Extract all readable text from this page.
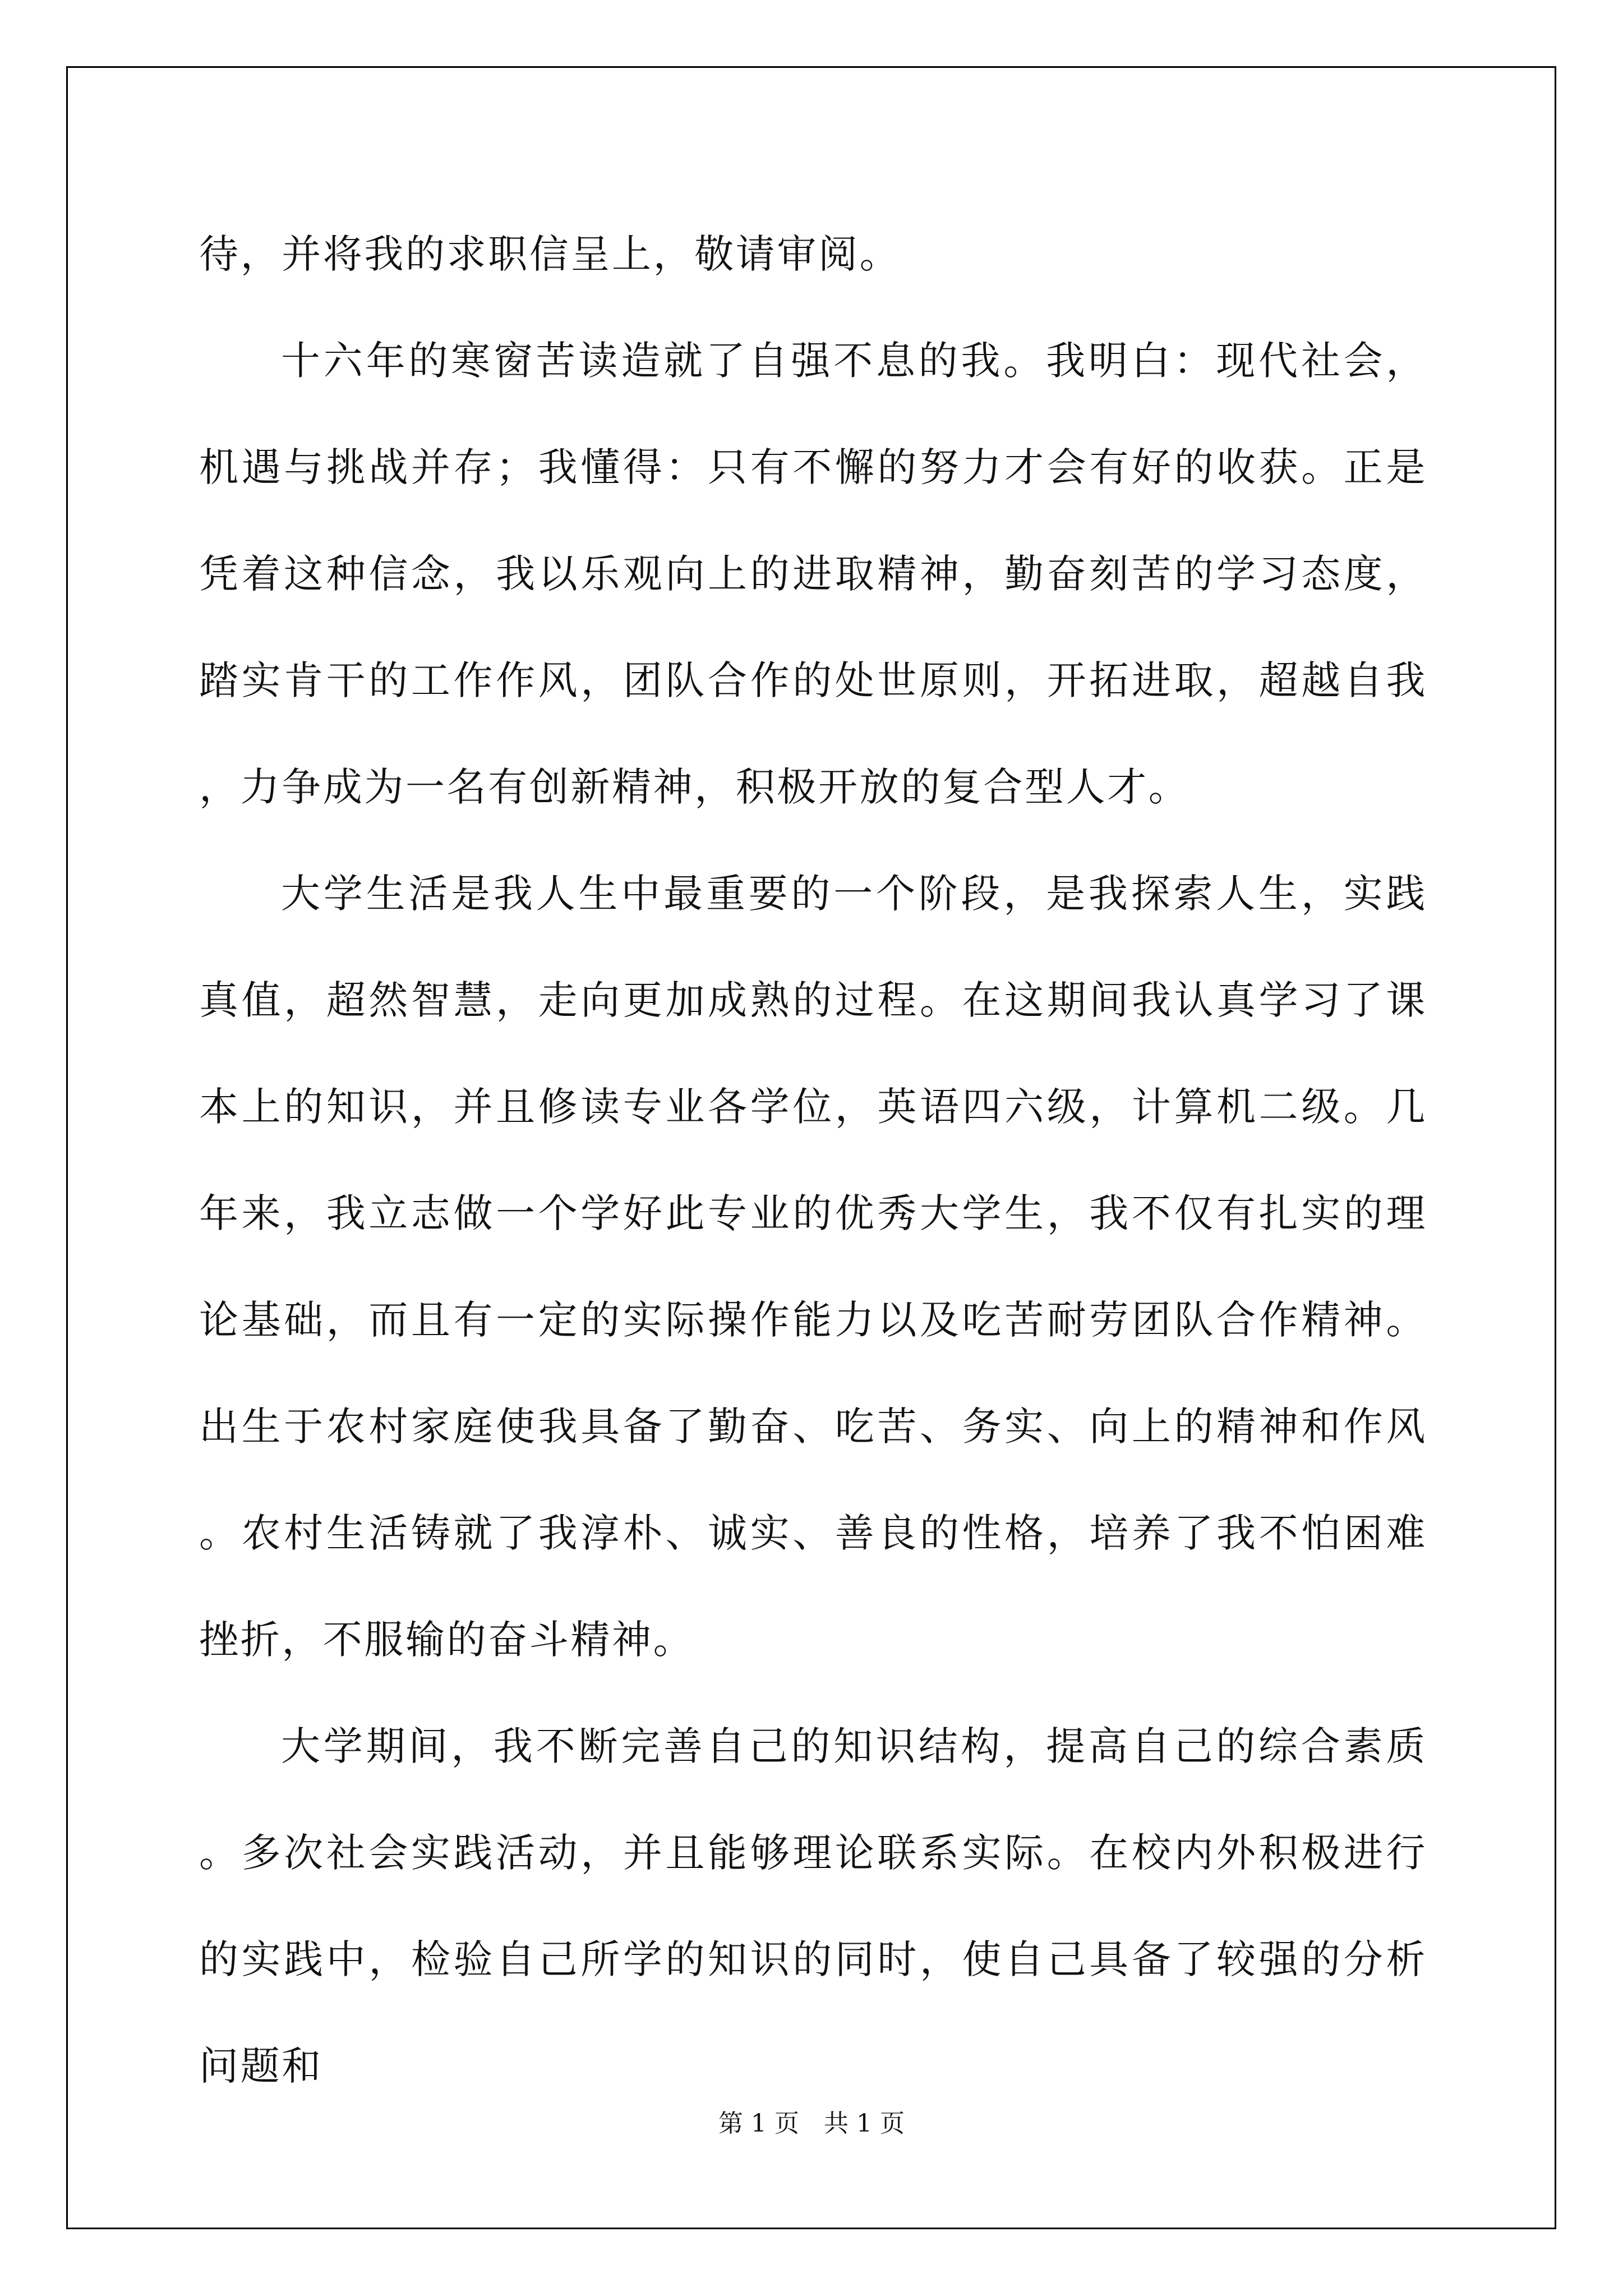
待，并将我的求职信呈上，敬请审阅。

十六年的寒窗苦读造就了自强不息的我。我明白：现代社会，机遇与挑战并存；我懂得：只有不懈的努力才会有好的收获。正是凭着这种信念，我以乐观向上的进取精神，勤奋刻苦的学习态度，踏实肯干的工作作风，团队合作的处世原则，开拓进取，超越自我，力争成为一名有创新精神，积极开放的复合型人才。

大学生活是我人生中最重要的一个阶段，是我探索人生，实践真值，超然智慧，走向更加成熟的过程。在这期间我认真学习了课本上的知识，并且修读专业各学位，英语四六级，计算机二级。几年来，我立志做一个学好此专业的优秀大学生，我不仅有扎实的理论基础，而且有一定的实际操作能力以及吃苦耐劳团队合作精神。出生于农村家庭使我具备了勤奋、吃苦、务实、向上的精神和作风。农村生活铸就了我淳朴、诚实、善良的性格，培养了我不怕困难挫折，不服输的奋斗精神。

大学期间，我不断完善自己的知识结构，提高自己的综合素质。多次社会实践活动，并且能够理论联系实际。在校内外积极进行的实践中，检验自己所学的知识的同时，使自己具备了较强的分析问题和

第 1 页　共 1 页
